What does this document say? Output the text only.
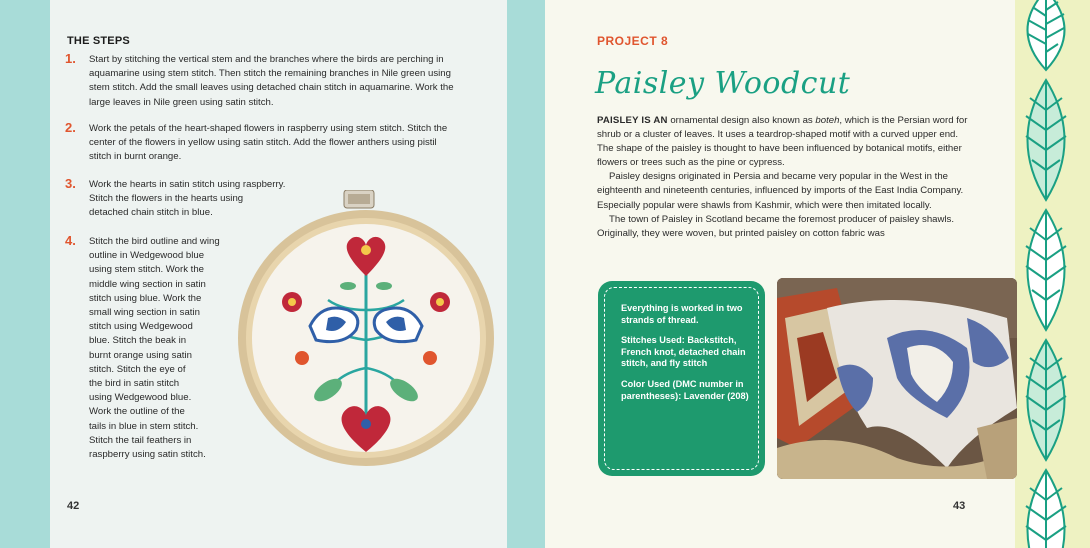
THE STEPS
1. Start by stitching the vertical stem and the branches where the birds are perching in
aquamarine using stem stitch. Then stitch the remaining branches in Nile green using
stem stitch. Add the small leaves using detached chain stitch in aquamarine. Work the
large leaves in Nile green using satin stitch.
2. Work the petals of the heart-shaped flowers in raspberry using stem stitch. Stitch the
center of the flowers in yellow using satin stitch. Add the flower anthers using pistil
stitch in burnt orange.
3. Work the hearts in satin stitch using raspberry.
Stitch the flowers in the hearts using
detached chain stitch in blue.
4. Stitch the bird outline and wing
outline in Wedgewood blue
using stem stitch. Work the
middle wing section in satin
stitch using blue. Work the
small wing section in satin
stitch using Wedgewood
blue. Stitch the beak in
burnt orange using satin
stitch. Stitch the eye of
the bird in satin stitch
using Wedgewood blue.
Work the outline of the
tails in blue in stem stitch.
Stitch the tail feathers in
raspberry using satin stitch.
42
PROJECT 8
Paisley Woodcut

PAISLEY IS AN ornamental design also known as boteh, which is the Persian word for shrub or a cluster of leaves. It uses a teardrop-shaped motif with a curved upper end. The shape of the paisley is thought to have been influenced by botanical motifs, either flowers or trees such as the pine or cypress.

Paisley designs originated in Persia and became very popular in the West in the eighteenth and nineteenth centuries, influenced by imports of the East India Company. Especially popular were shawls from Kashmir, which were then imitated locally.

The town of Paisley in Scotland became the foremost producer of paisley shawls. Originally, they were woven, but printed paisley on cotton fabric was

Everything is worked in two strands of thread.

Stitches Used: Backstitch, French knot, detached chain stitch, and fly stitch

Color Used (DMC number in parentheses): Lavender (208)

43
